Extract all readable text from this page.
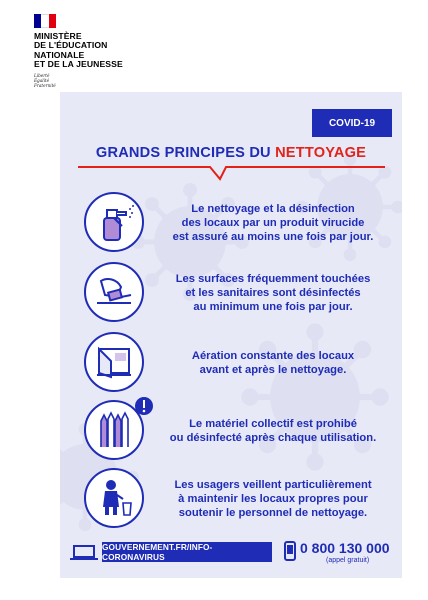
MINISTÈRE
DE L'ÉDUCATION
NATIONALE
ET DE LA JEUNESSE
Liberté
Égalité
Fraternité
COVID-19
GRANDS PRINCIPES DU NETTOYAGE
Le nettoyage et la désinfection
des locaux par un produit virucide
est assuré au moins une fois par jour.
Les surfaces fréquemment touchées
et les sanitaires sont désinfectés
au minimum une fois par jour.
Aération constante des locaux
avant et après le nettoyage.
Le matériel collectif est prohibé
ou désinfecté après chaque utilisation.
Les usagers veillent particulièrement
à maintenir les locaux propres pour
soutenir le personnel de nettoyage.
GOUVERNEMENT.FR/INFO-CORONAVIRUS
0 800 130 000
(appel gratuit)
